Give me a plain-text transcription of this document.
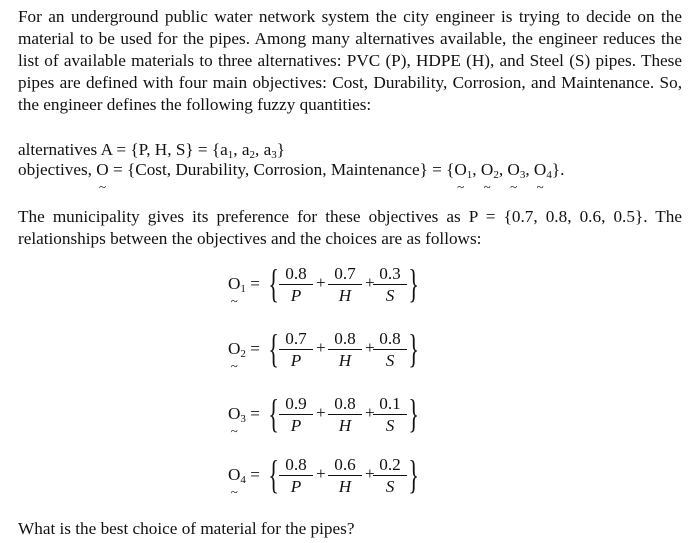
For an underground public water network system the city engineer is trying to decide on the material to be used for the pipes. Among many alternatives available, the engineer reduces the list of available materials to three alternatives: PVC (P), HDPE (H), and Steel (S) pipes. These pipes are defined with four main objectives: Cost, Durability, Corrosion, and Maintenance. So, the engineer defines the following fuzzy quantities:

alternatives A = {P, H, $S\} = \{a_1$, $a_2$, $a_3$}
objectives, O ~ = {Cost, Durability, Corrosion, Maintenance} = {O $\sim_1$, O $\sim_2$, O $\sim_3$, O $\sim_4$}.

The municipality gives its preference for these objectives as P = {0.7, 0.8, 0.6, 0.5}. The relationships between the objectives and the choices are as follows:

O $\sim_1$ = { $\frac{0.8}{P} + \frac{0.7}{H}$ +
$\frac{0.3}{S}$ }
O $\sim_2$ = { $\frac{0.7}{P} + \frac{0.8}{H}$ +
$\frac{0.8}{S}$ }
O $\sim_3$ = { $\frac{0.9}{P} + \frac{0.8}{H}$ +
$\frac{0.1}{S}$ }
O $\sim_4$ = { $\frac{0.8}{P} + \frac{0.6}{H}$ +
$\frac{0.2}{S}$ }
What is the best choice of material for the pipes?
